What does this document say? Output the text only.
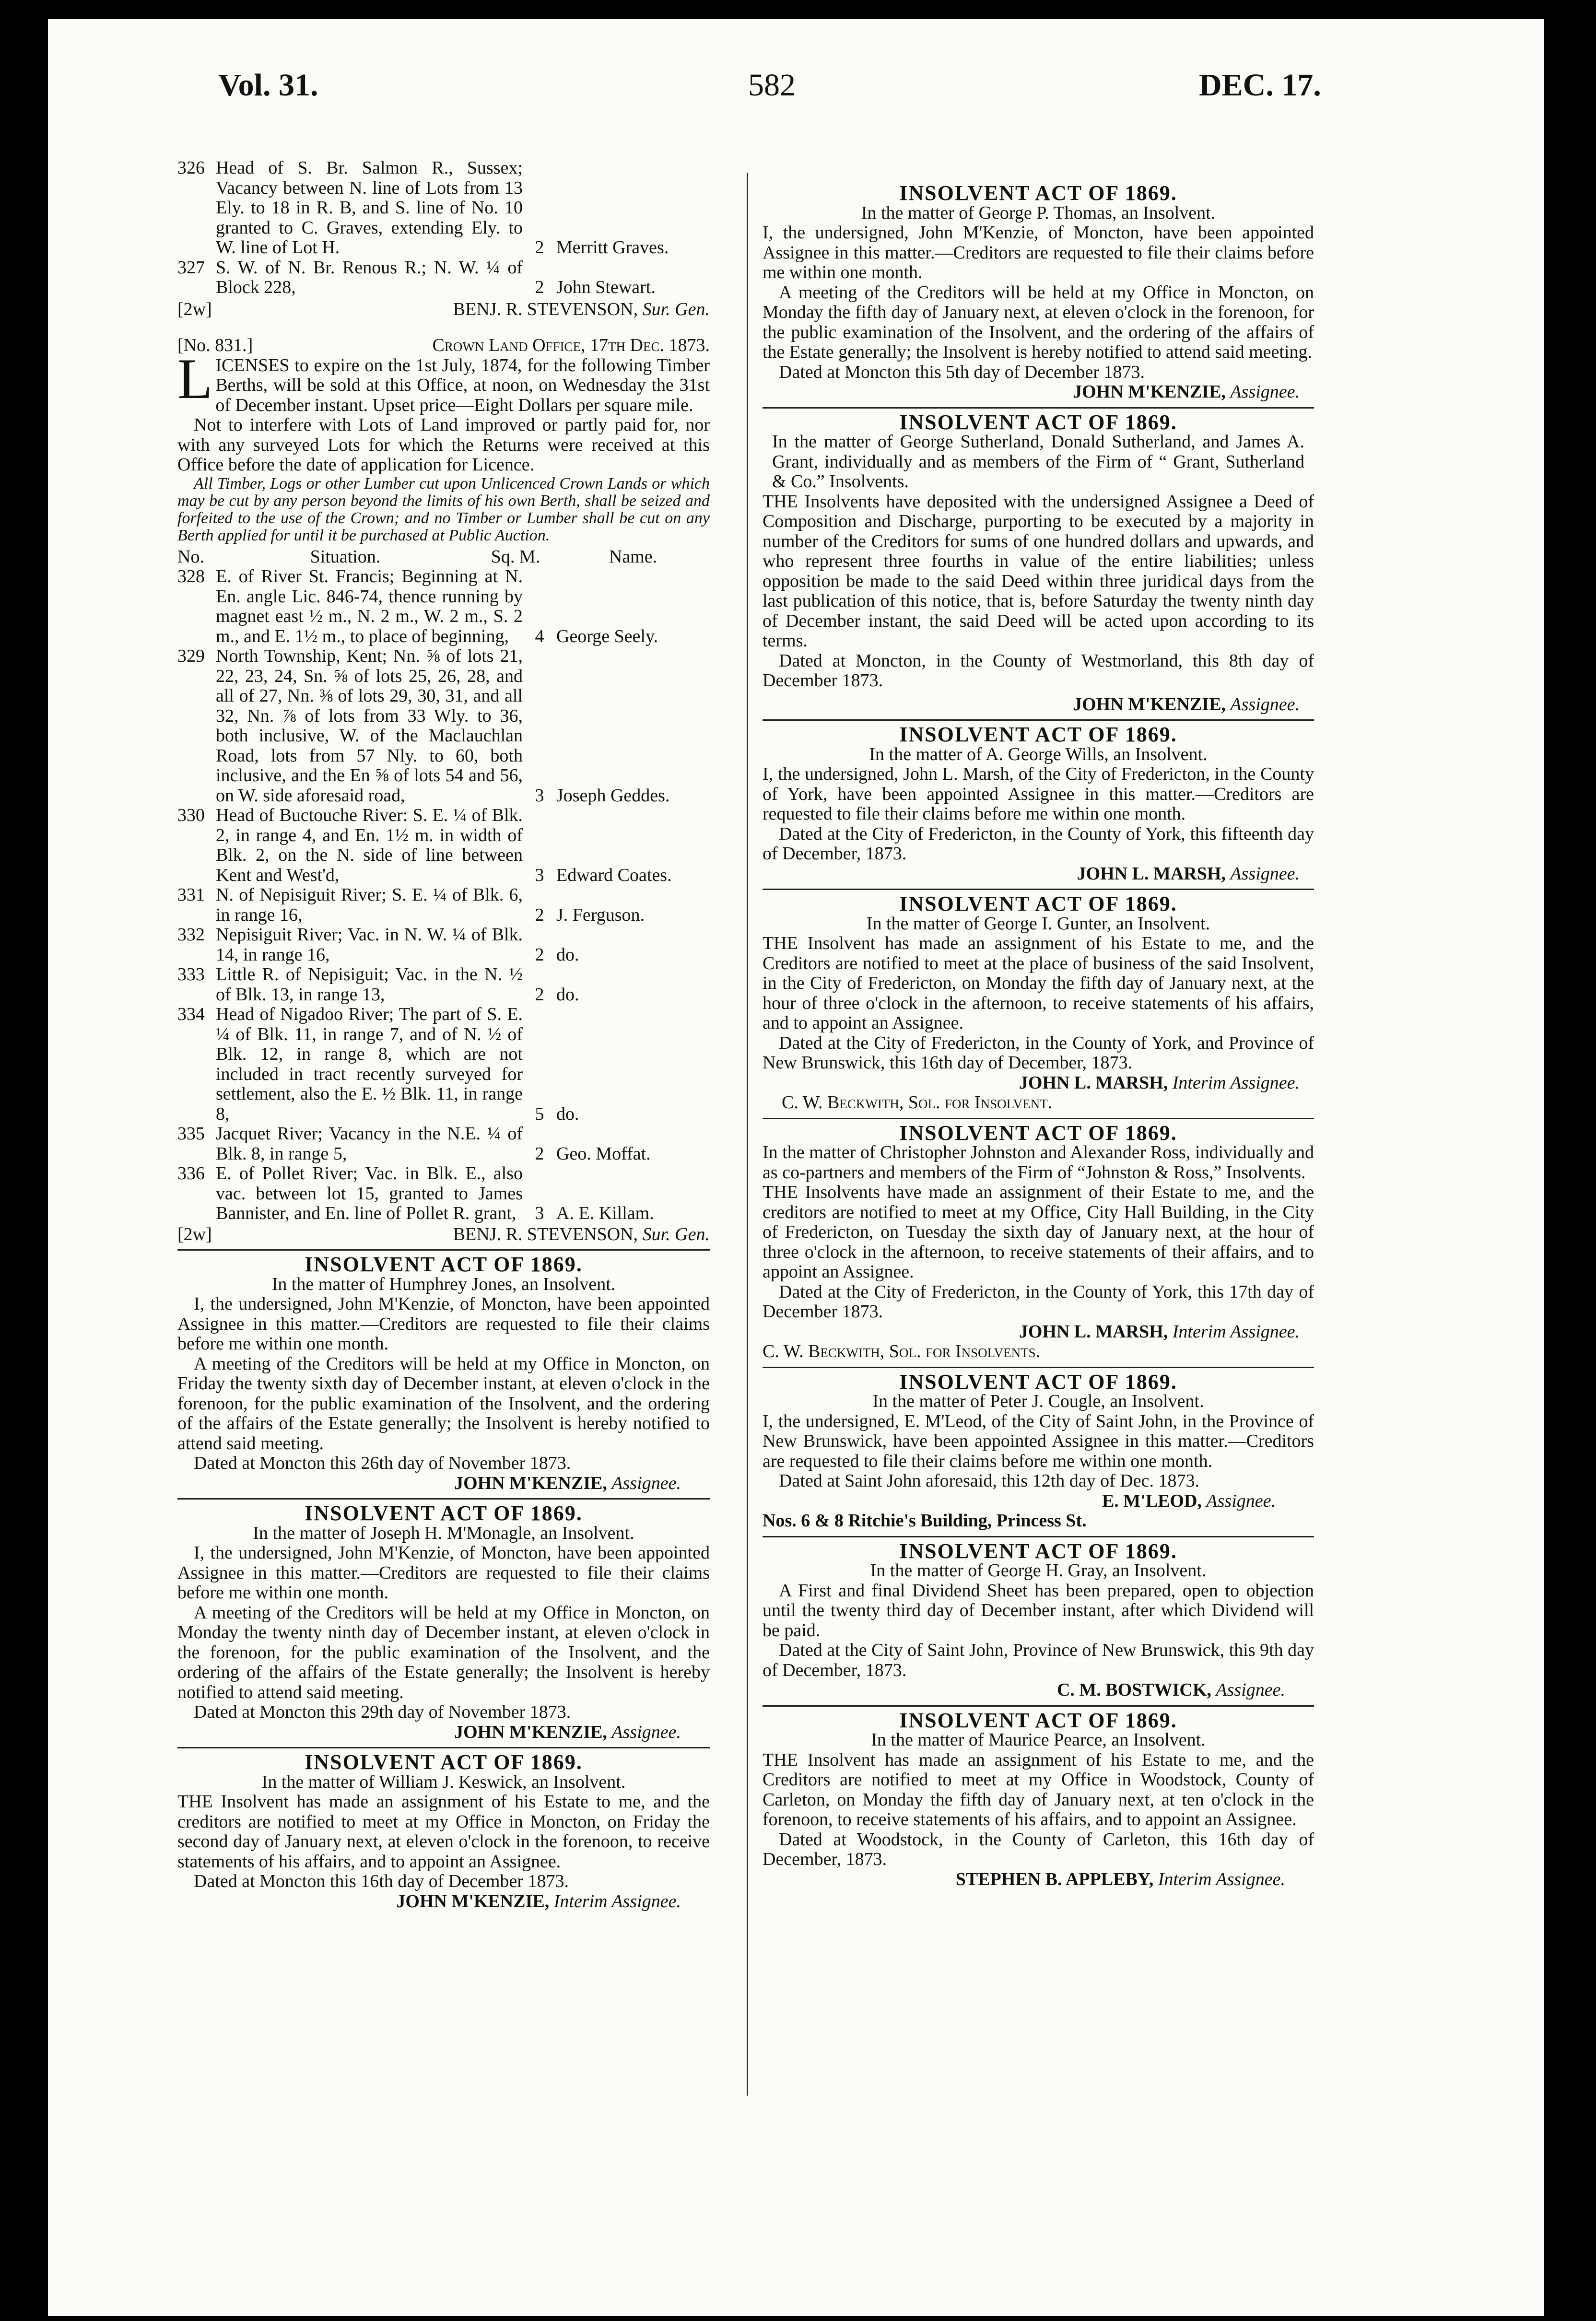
Vol. 31.	582	DEC. 17.
326 Head of S. Br. Salmon R., Sussex; Vacancy between N. line of Lots from 13 Ely. to 18 in R. B, and S. line of No. 10 granted to C. Graves, extending Ely. to W. line of Lot H.	2 Merritt Graves.
327 S. W. of N. Br. Renous R.; N. W. ¼ of Block 228,	2 John Stewart.
[2w]	BENJ. R. STEVENSON, Sur. Gen.
[No. 831.]	Crown Land Office, 17th Dec. 1873.

LICENSES to expire on the 1st July, 1874, for the following Timber Berths, will be sold at this Office, at noon, on Wednesday the 31st of December instant. Upset price—Eight Dollars per square mile.

Not to interfere with Lots of Land improved or partly paid for, nor with any surveyed Lots for which the Returns were received at this Office before the date of application for Licence.

All Timber, Logs or other Lumber cut upon Unlicenced Crown Lands or which may be cut by any person beyond the limits of his own Berth, shall be seized and forfeited to the use of the Crown; and no Timber or Lumber shall be cut on any Berth applied for until it be purchased at Public Auction.

No.	Situation.	Sq. M.	Name.
328 E. of River St. Francis; Beginning at N. En. angle Lic. 846-74, thence running by magnet east ½ m., N. 2 m., W. 2 m., S. 2 m., and E. 1½ m., to place of beginning,	4 George Seely.
329 North Township, Kent; Nn. ⅝ of lots 21, 22, 23, 24, Sn. ⅝ of lots 25, 26, 28, and all of 27, Nn. ⅜ of lots 29, 30, 31, and all 32, Nn. ⅞ of lots from 33 Wly. to 36, both inclusive, W. of the Maclauchlan Road, lots from 57 Nly. to 60, both inclusive, and the En ⅝ of lots 54 and 56, on W. side aforesaid road,	3 Joseph Geddes.
330 Head of Buctouche River: S. E. ¼ of Blk. 2, in range 4, and En. 1½ m. in width of Blk. 2, on the N. side of line between Kent and West'd,	3 Edward Coates.
331 N. of Nepisiguit River; S. E. ¼ of Blk. 6, in range 16,	2 J. Ferguson.
332 Nepisiguit River; Vac. in N. W. ¼ of Blk. 14, in range 16,	2 do.
333 Little R. of Nepisiguit; Vac. in the N. ½ of Blk. 13, in range 13,	2 do.
334 Head of Nigadoo River; The part of S. E. ¼ of Blk. 11, in range 7, and of N. ½ of Blk. 12, in range 8, which are not included in tract recently surveyed for settlement, also the E. ½ Blk. 11, in range 8,	5 do.
335 Jacquet River; Vacancy in the N.E. ¼ of Blk. 8, in range 5,	2 Geo. Moffat.
336 E. of Pollet River; Vac. in Blk. E., also vac. between lot 15, granted to James Bannister, and En. line of Pollet R. grant,	3 A. E. Killam.
[2w]	BENJ. R. STEVENSON, Sur. Gen.
INSOLVENT ACT OF 1869.

In the matter of Humphrey Jones, an Insolvent.

I, the undersigned, John M'Kenzie, of Moncton, have been appointed Assignee in this matter.—Creditors are requested to file their claims before me within one month.

A meeting of the Creditors will be held at my Office in Moncton, on Friday the twenty sixth day of December instant, at eleven o'clock in the forenoon, for the public examination of the Insolvent, and the ordering of the affairs of the Estate generally; the Insolvent is hereby notified to attend said meeting.

Dated at Moncton this 26th day of November 1873.

JOHN M'KENZIE, Assignee.

INSOLVENT ACT OF 1869.

In the matter of Joseph H. M'Monagle, an Insolvent.

I, the undersigned, John M'Kenzie, of Moncton, have been appointed Assignee in this matter.—Creditors are requested to file their claims before me within one month.

A meeting of the Creditors will be held at my Office in Moncton, on Monday the twenty ninth day of December instant, at eleven o'clock in the forenoon, for the public examination of the Insolvent, and the ordering of the affairs of the Estate generally; the Insolvent is hereby notified to attend said meeting.

Dated at Moncton this 29th day of November 1873.

JOHN M'KENZIE, Assignee.

INSOLVENT ACT OF 1869.

In the matter of William J. Keswick, an Insolvent.

THE Insolvent has made an assignment of his Estate to me, and the creditors are notified to meet at my Office in Moncton, on Friday the second day of January next, at eleven o'clock in the forenoon, to receive statements of his affairs, and to appoint an Assignee.

Dated at Moncton this 16th day of December 1873.

JOHN M'KENZIE, Interim Assignee.

INSOLVENT ACT OF 1869.

In the matter of George P. Thomas, an Insolvent.

I, the undersigned, John M'Kenzie, of Moncton, have been appointed Assignee in this matter.—Creditors are requested to file their claims before me within one month.

A meeting of the Creditors will be held at my Office in Moncton, on Monday the fifth day of January next, at eleven o'clock in the forenoon, for the public examination of the Insolvent, and the ordering of the affairs of the Estate generally; the Insolvent is hereby notified to attend said meeting.

Dated at Moncton this 5th day of December 1873.

JOHN M'KENZIE, Assignee.

INSOLVENT ACT OF 1869.

In the matter of George Sutherland, Donald Sutherland, and James A. Grant, individually and as members of the Firm of “ Grant, Sutherland & Co.” Insolvents.

THE Insolvents have deposited with the undersigned Assignee a Deed of Composition and Discharge, purporting to be executed by a majority in number of the Creditors for sums of one hundred dollars and upwards, and who represent three fourths in value of the entire liabilities; unless opposition be made to the said Deed within three juridical days from the last publication of this notice, that is, before Saturday the twenty ninth day of December instant, the said Deed will be acted upon according to its terms.

Dated at Moncton, in the County of Westmorland, this 8th day of December 1873.

JOHN M'KENZIE, Assignee.

INSOLVENT ACT OF 1869.

In the matter of A. George Wills, an Insolvent.

I, the undersigned, John L. Marsh, of the City of Fredericton, in the County of York, have been appointed Assignee in this matter.—Creditors are requested to file their claims before me within one month.

Dated at the City of Fredericton, in the County of York, this fifteenth day of December, 1873.

JOHN L. MARSH, Assignee.

INSOLVENT ACT OF 1869.

In the matter of George I. Gunter, an Insolvent.

THE Insolvent has made an assignment of his Estate to me, and the Creditors are notified to meet at the place of business of the said Insolvent, in the City of Fredericton, on Monday the fifth day of January next, at the hour of three o'clock in the afternoon, to receive statements of his affairs, and to appoint an Assignee.

Dated at the City of Fredericton, in the County of York, and Province of New Brunswick, this 16th day of December, 1873.

JOHN L. MARSH, Interim Assignee.

C. W. Beckwith, Sol. for Insolvent.

INSOLVENT ACT OF 1869.

In the matter of Christopher Johnston and Alexander Ross, individually and as co-partners and members of the Firm of “Johnston & Ross,” Insolvents.

THE Insolvents have made an assignment of their Estate to me, and the creditors are notified to meet at my Office, City Hall Building, in the City of Fredericton, on Tuesday the sixth day of January next, at the hour of three o'clock in the afternoon, to receive statements of their affairs, and to appoint an Assignee.

Dated at the City of Fredericton, in the County of York, this 17th day of December 1873.

JOHN L. MARSH, Interim Assignee.

C. W. Beckwith, Sol. for Insolvents.

INSOLVENT ACT OF 1869.

In the matter of Peter J. Cougle, an Insolvent.

I, the undersigned, E. M'Leod, of the City of Saint John, in the Province of New Brunswick, have been appointed Assignee in this matter.—Creditors are requested to file their claims before me within one month.

Dated at Saint John aforesaid, this 12th day of Dec. 1873.

E. M'LEOD, Assignee.

Nos. 6 & 8 Ritchie's Building, Princess St.

INSOLVENT ACT OF 1869.

In the matter of George H. Gray, an Insolvent.

A First and final Dividend Sheet has been prepared, open to objection until the twenty third day of December instant, after which Dividend will be paid.

Dated at the City of Saint John, Province of New Brunswick, this 9th day of December, 1873.

C. M. BOSTWICK, Assignee.

INSOLVENT ACT OF 1869.

In the matter of Maurice Pearce, an Insolvent.

THE Insolvent has made an assignment of his Estate to me, and the Creditors are notified to meet at my Office in Woodstock, County of Carleton, on Monday the fifth day of January next, at ten o'clock in the forenoon, to receive statements of his affairs, and to appoint an Assignee.

Dated at Woodstock, in the County of Carleton, this 16th day of December, 1873.

STEPHEN B. APPLEBY, Interim Assignee.
